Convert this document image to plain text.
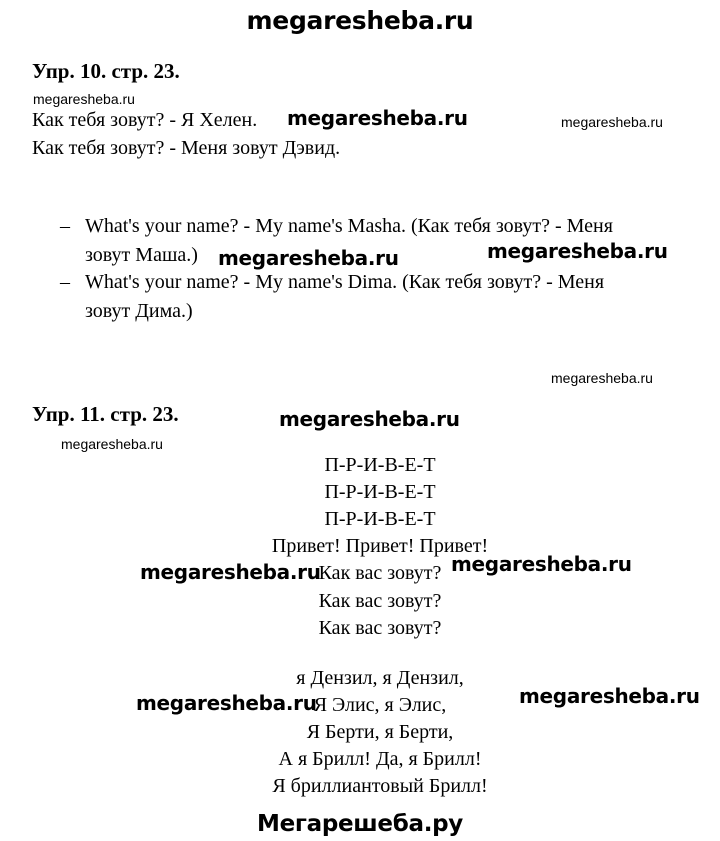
megaresheba.ru
Упр. 10. стр. 23.
megaresheba.ru
Как тебя зовут? - Я Хелен. megaresheba.ru	megaresheba.ru
Как тебя зовут? - Меня зовут Дэвид.
– What's your name? - My name's Masha. (Как тебя зовут? - Меня
зовут Маша.) megaresheba.ru	megaresheba.ru
– What's your name? - My name's Dima. (Как тебя зовут? - Меня
зовут Дима.)
megaresheba.ru
Упр. 11. стр. 23.	megaresheba.ru
megaresheba.ru
П-Р-И-В-Е-Т
П-Р-И-В-Е-Т
П-Р-И-В-Е-Т
Привет! Привет! Привет!
Как вас зовут?
Как вас зовут?
Как вас зовут?
megaresheba.ru	megaresheba.ru
я Дензил, я Дензил,
Я Элис, я Элис,
Я Берти, я Берти,
А я Брилл! Да, я Брилл!
Я бриллиантовый Брилл!
megaresheba.ru	megaresheba.ru
Мегарешеба.ру
